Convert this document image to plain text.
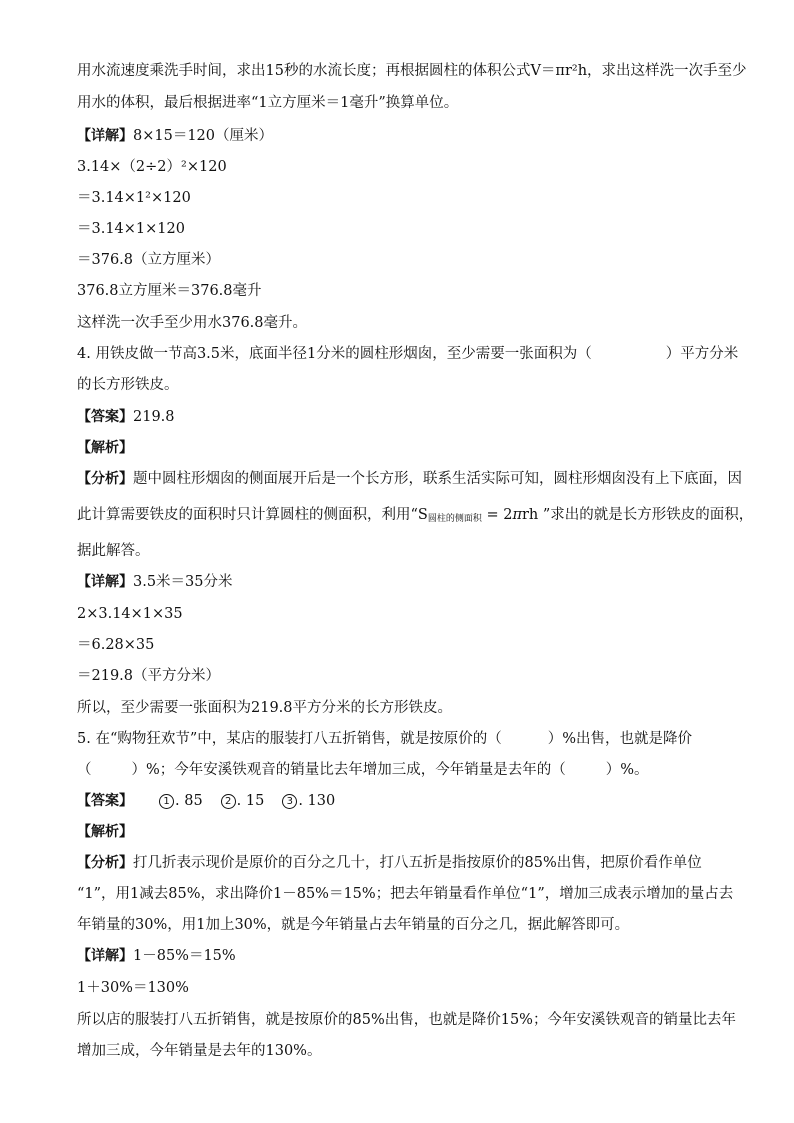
用水流速度乘洗手时间，求出15秒的水流长度；再根据圆柱的体积公式V＝πr²h，求出这样洗一次手至少
用水的体积，最后根据进率“1立方厘米＝1毫升”换算单位。
【详解】8×15＝120（厘米）
3.14×（2÷2）²×120
＝3.14×1²×120
＝3.14×1×120
＝376.8（立方厘米）
376.8立方厘米＝376.8毫升
这样洗一次手至少用水376.8毫升。
4. 用铁皮做一节高3.5米，底面半径1分米的圆柱形烟囱，至少需要一张面积为（	）平方分米
的长方形铁皮。
【答案】219.8
【解析】
【分析】题中圆柱形烟囱的侧面展开后是一个长方形，联系生活实际可知，圆柱形烟囱没有上下底面，因
此计算需要铁皮的面积时只计算圆柱的侧面积，利用“$S_{圆柱的侧面积} = 2\pi rh$ ”求出的就是长方形铁皮的面积，
据此解答。
【详解】3.5米＝35分米
2×3.14×1×35
＝6.28×35
＝219.8（平方分米）
所以，至少需要一张面积为219.8平方分米的长方形铁皮。
5. 在“购物狂欢节”中，某店的服装打八五折销售，就是按原价的（	）%出售，也就是降价
（	）%；今年安溪铁观音的销量比去年增加三成，今年销量是去年的（	）%。
【答案】	1 . 85 2 . 15 3 . 130
【解析】
【分析】打几折表示现价是原价的百分之几十，打八五折是指按原价的85%出售，把原价看作单位
“1”，用1减去85%，求出降价1－85%＝15%；把去年销量看作单位“1”，增加三成表示增加的量占去
年销量的30%，用1加上30%，就是今年销量占去年销量的百分之几，据此解答即可。
【详解】1－85%＝15%
1＋30%＝130%
所以店的服装打八五折销售，就是按原价的85%出售，也就是降价15%；今年安溪铁观音的销量比去年
增加三成，今年销量是去年的130%。
